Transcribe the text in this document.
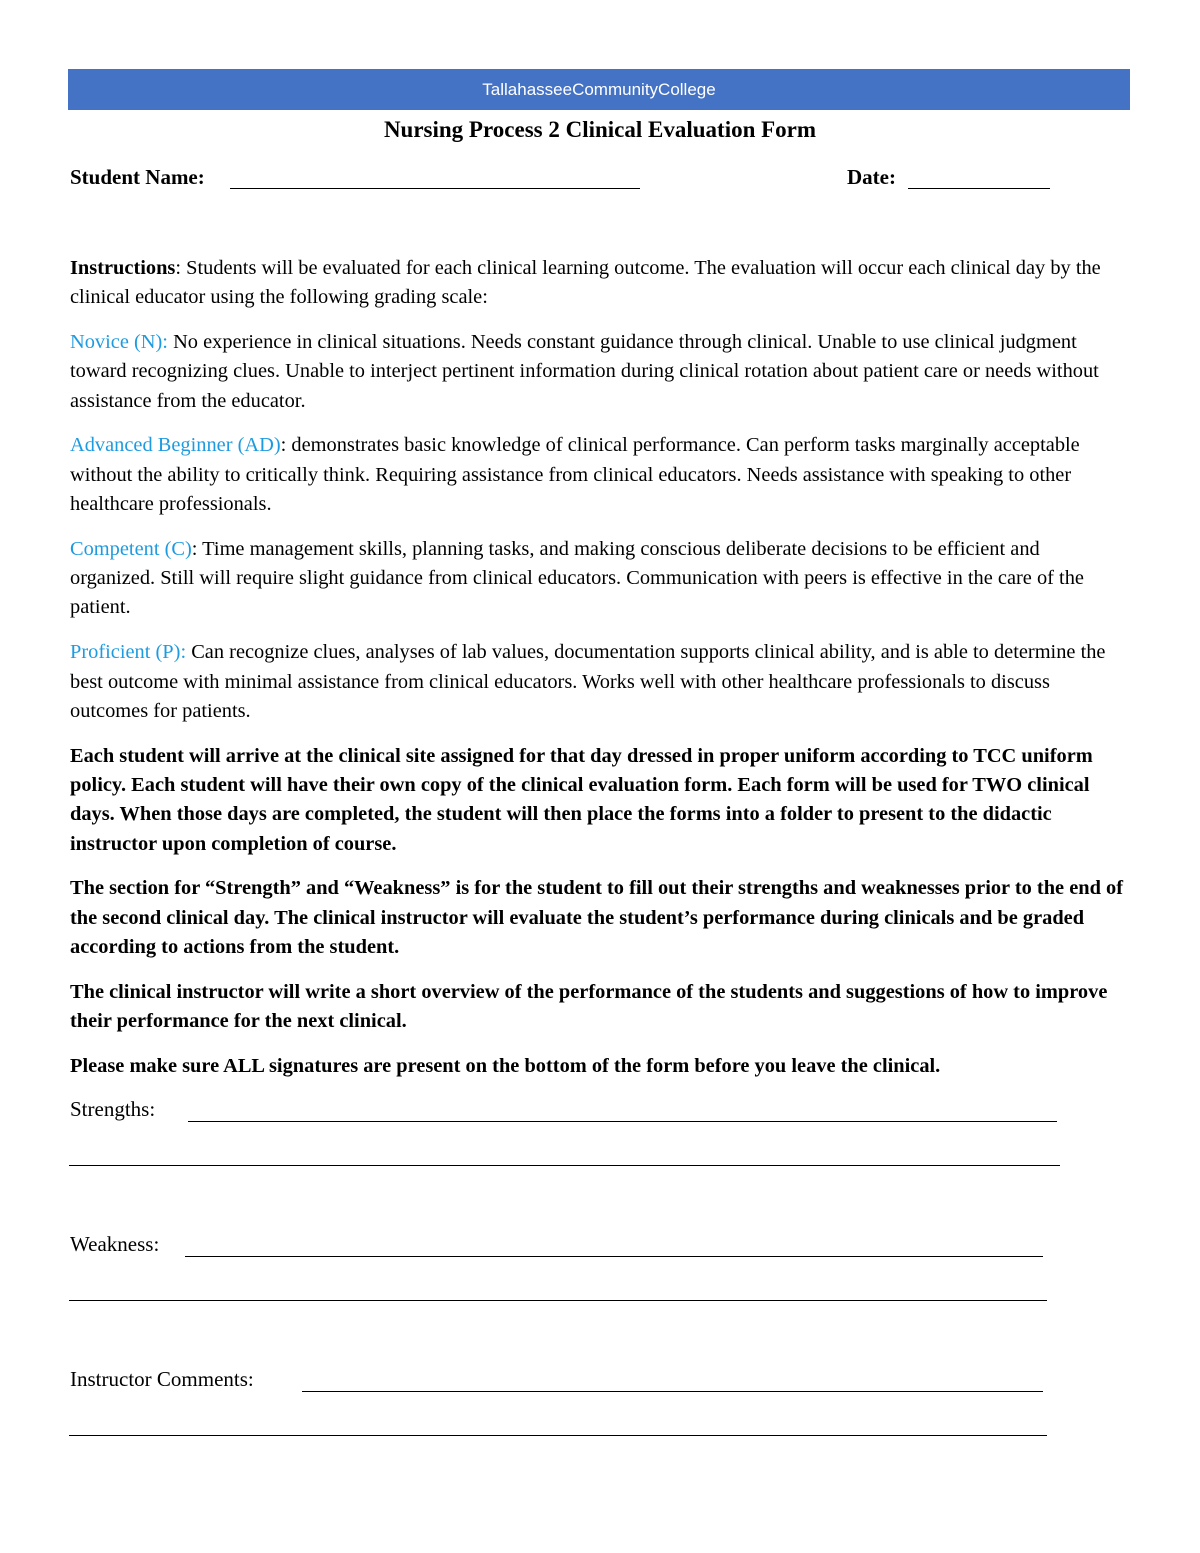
TallahasseeCommunityCollege
Nursing Process 2 Clinical Evaluation Form
Student Name:	Date:

Instructions: Students will be evaluated for each clinical learning outcome. The evaluation will occur each clinical day by the clinical educator using the following grading scale:

Novice (N): No experience in clinical situations. Needs constant guidance through clinical. Unable to use clinical judgment toward recognizing clues. Unable to interject pertinent information during clinical rotation about patient care or needs without assistance from the educator.

Advanced Beginner (AD): demonstrates basic knowledge of clinical performance. Can perform tasks marginally acceptable without the ability to critically think. Requiring assistance from clinical educators. Needs assistance with speaking to other healthcare professionals.

Competent (C): Time management skills, planning tasks, and making conscious deliberate decisions to be efficient and organized. Still will require slight guidance from clinical educators. Communication with peers is effective in the care of the patient.

Proficient (P): Can recognize clues, analyses of lab values, documentation supports clinical ability, and is able to determine the best outcome with minimal assistance from clinical educators. Works well with other healthcare professionals to discuss outcomes for patients.

Each student will arrive at the clinical site assigned for that day dressed in proper uniform according to TCC uniform policy. Each student will have their own copy of the clinical evaluation form. Each form will be used for TWO clinical days. When those days are completed, the student will then place the forms into a folder to present to the didactic instructor upon completion of course.

The section for “Strength” and “Weakness” is for the student to fill out their strengths and weaknesses prior to the end of the second clinical day. The clinical instructor will evaluate the student’s performance during clinicals and be graded according to actions from the student.

The clinical instructor will write a short overview of the performance of the students and suggestions of how to improve their performance for the next clinical.

Please make sure ALL signatures are present on the bottom of the form before you leave the clinical.

Strengths:
Weakness:
Instructor Comments:
